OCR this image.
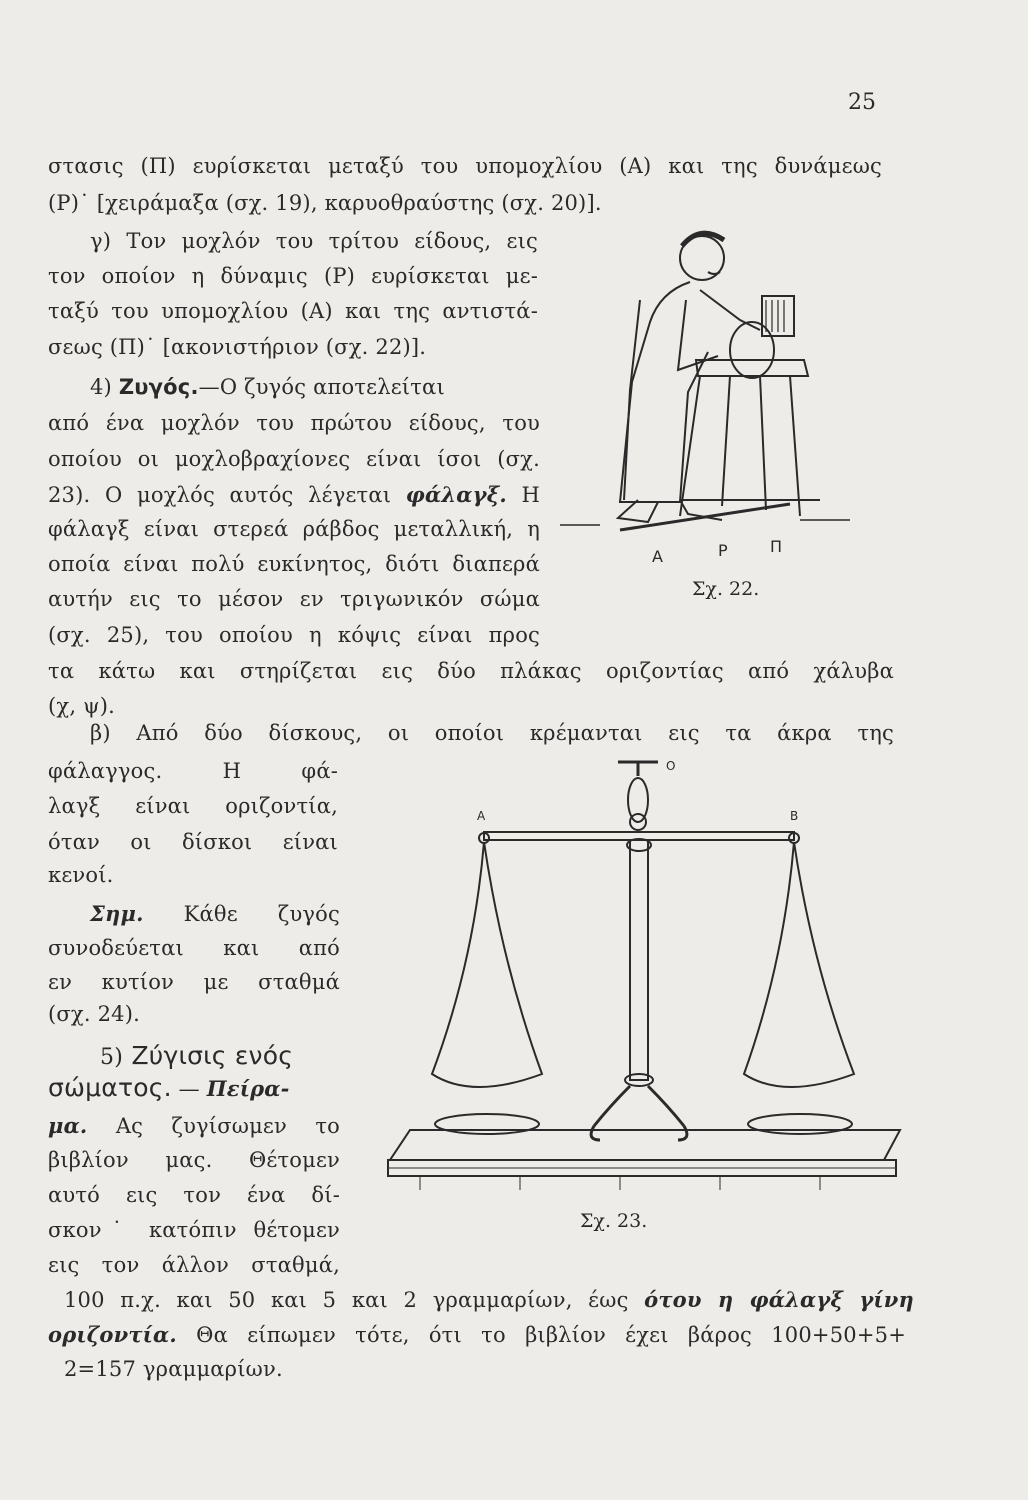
25
στασις (Π) ευρίσκεται μεταξύ του υπομοχλίου (Α) και της δυνάμεως
(Ρ)˙ [χειράμαξα (σχ. 19), καρυοθραύστης (σχ. 20)].
γ) Τον μοχλόν του τρίτου είδους, εις
τον οποίον η δύναμις (Ρ) ευρίσκεται με-
ταξύ του υπομοχλίου (Α) και της αντιστά-
σεως (Π)˙ [ακονιστήριον (σχ. 22)].
4) Ζυγός.—Ο ζυγός αποτελείται
από ένα μοχλόν του πρώτου είδους, του
οποίου οι μοχλοβραχίονες είναι ίσοι (σχ.
23). Ο μοχλός αυτός λέγεται φάλαγξ. Η
φάλαγξ είναι στερεά ράβδος μεταλλική, η
οποία είναι πολύ ευκίνητος, διότι διαπερά
αυτήν εις το μέσον εν τριγωνικόν σώμα
(σχ. 25), του οποίου η κόψις είναι προς
τα κάτω και στηρίζεται εις δύο πλάκας οριζοντίας από χάλυβα
(χ, ψ).
β) Από δύο δίσκους, οι οποίοι κρέμανται εις τα άκρα της
φάλαγγος. Η φά-
λαγξ είναι οριζοντία,
όταν οι δίσκοι είναι
κενοί.
Σημ. Κάθε ζυγός
συνοδεύεται και από
εν κυτίον με σταθμά
(σχ. 24).
5) Ζύγισις ενός
σώματος. — Πείρα-
μα. Ας ζυγίσωμεν το
βιβλίον μας. Θέτομεν
αυτό εις τον ένα δί-
σκον˙ κατόπιν θέτομεν
εις τον άλλον σταθμά,
100 π.χ. και 50 και 5 και 2 γραμμαρίων, έως ότου η φάλαγξ γίνη
οριζοντία. Θα είπωμεν τότε, ότι το βιβλίον έχει βάρος 100+50+5+
2=157 γραμμαρίων.
Α	Ρ	Π
Σχ. 22.
Α	Β
Ο
Σχ. 23.
